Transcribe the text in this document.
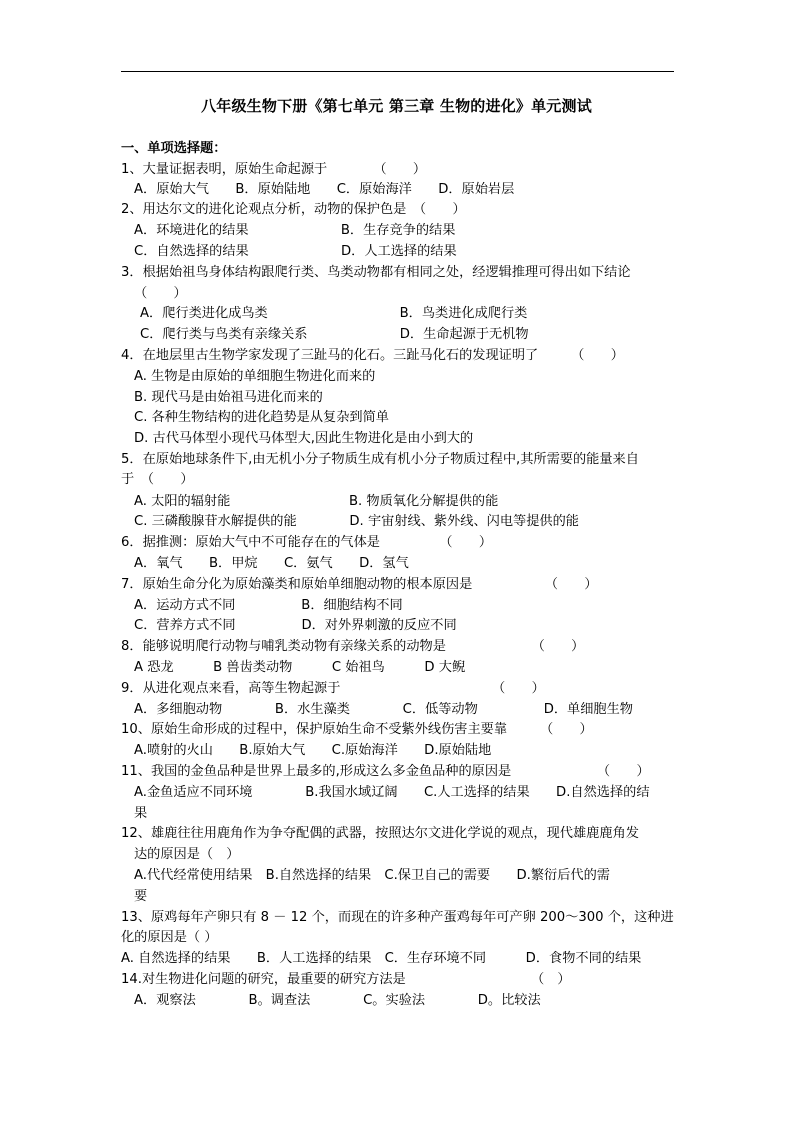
八年级生物下册《第七单元 第三章 生物的进化》单元测试
一、单项选择题：
1、大量证据表明，原始生命起源于　　　　（　　）
A．原始大气　　B．原始陆地　　C．原始海洋　　D．原始岩层
2、用达尔文的进化论观点分析，动物的保护色是　（　　）
A．环境进化的结果　　　　　　　B．生存竞争的结果
C．自然选择的结果　　　　　　　D．人工选择的结果
3．根据始祖鸟身体结构跟爬行类、鸟类动物都有相同之处，经逻辑推理可得出如下结论
（　　）
A．爬行类进化成鸟类　　　　　　　　　　B．鸟类进化成爬行类
C．爬行类与鸟类有亲缘关系　　　　　　　D．生命起源于无机物
4．在地层里古生物学家发现了三趾马的化石。三趾马化石的发现证明了　　　（　　）
A. 生物是由原始的单细胞生物进化而来的
B. 现代马是由始祖马进化而来的
C. 各种生物结构的进化趋势是从复杂到简单
D. 古代马体型小现代马体型大,因此生物进化是由小到大的
5．在原始地球条件下,由无机小分子物质生成有机小分子物质过程中,其所需要的能量来自
于　（　　）
A. 太阳的辐射能　　　　　　　　　B. 物质氧化分解提供的能
C. 三磷酸腺苷水解提供的能　　　　D. 宇宙射线、紫外线、闪电等提供的能
6．据推测：原始大气中不可能存在的气体是　　　　　（　　）
A．氧气　　B．甲烷　　C．氨气　　D．氢气
7．原始生命分化为原始藻类和原始单细胞动物的根本原因是　　　　　　（　　）
A．运动方式不同　　　　　B．细胞结构不同
C．营养方式不同　　　　　D．对外界刺激的反应不同
8．能够说明爬行动物与哺乳类动物有亲缘关系的动物是　　　　　　　（　　）
A 恐龙　　　B 兽齿类动物　　　C 始祖鸟　　　D 大鲵
9．从进化观点来看，高等生物起源于　　　　　　　　　　　　（　　）
A．多细胞动物　　　　B．水生藻类　　　　C．低等动物　　　　　D．单细胞生物
10、原始生命形成的过程中，保护原始生命不受紫外线伤害主要靠　　　（　　）
A.喷射的火山　　B.原始大气　　C.原始海洋　　D.原始陆地
11、我国的金鱼品种是世界上最多的,形成这么多金鱼品种的原因是　　　　　　　（　　）
A.金鱼适应不同环境　　　　B.我国水域辽阔　　C.人工选择的结果　　D.自然选择的结
果
12、雄鹿往往用鹿角作为争夺配偶的武器，按照达尔文进化学说的观点，现代雄鹿鹿角发
达的原因是（　）
A.代代经常使用结果　B.自然选择的结果　C.保卫自己的需要　　D.繁衍后代的需
要
13、原鸡每年产卵只有 8 － 12 个，而现在的许多种产蛋鸡每年可产卵 200～300 个，这种进
化的原因是（ ）
A. 自然选择的结果　　B．人工选择的结果　C．生存环境不同　　　D．食物不同的结果
14.对生物进化问题的研究，最重要的研究方法是　　　　　　　　　　（　）
A．观察法　　　　B。调查法　　　　C。实验法　　　　D。比较法
